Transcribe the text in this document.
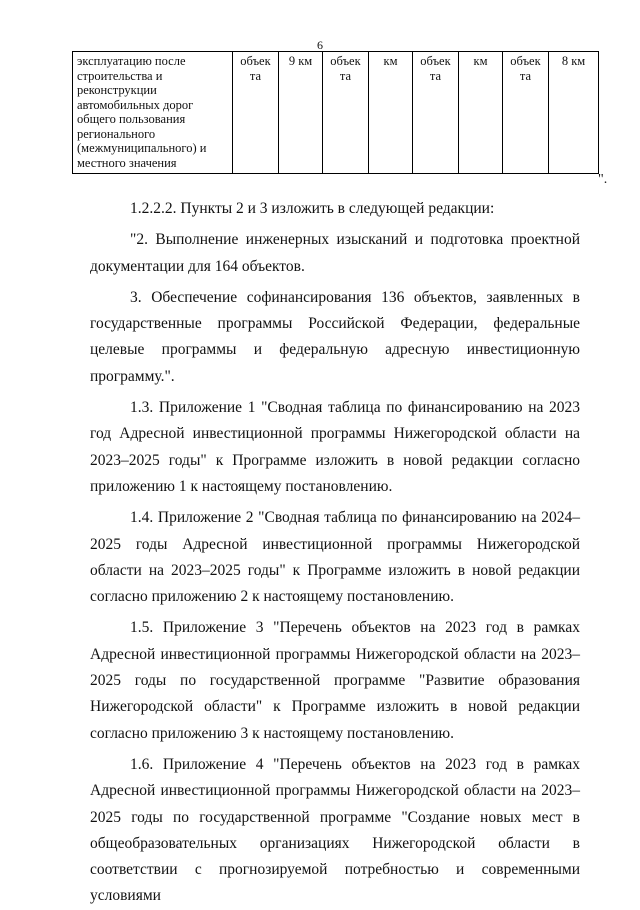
6
эксплуатацию после строительства и реконструкции автомобильных дорог общего пользования регионального (межмуниципального) и местного значения	объек та	9 км	объек та	км	объек та	км	объек та	8 км
".

1.2.2.2. Пункты 2 и 3 изложить в следующей редакции:

"2. Выполнение инженерных изысканий и подготовка проектной документации для 164 объектов.

3. Обеспечение софинансирования 136 объектов, заявленных в государственные программы Российской Федерации, федеральные целевые программы и федеральную адресную инвестиционную программу.".

1.3. Приложение 1 "Сводная таблица по финансированию на 2023 год Адресной инвестиционной программы Нижегородской области на 2023–2025 годы" к Программе изложить в новой редакции согласно приложению 1 к настоящему постановлению.

1.4. Приложение 2 "Сводная таблица по финансированию на 2024–2025 годы Адресной инвестиционной программы Нижегородской области на 2023–2025 годы" к Программе изложить в новой редакции согласно приложению 2 к настоящему постановлению.

1.5. Приложение 3 "Перечень объектов на 2023 год в рамках Адресной инвестиционной программы Нижегородской области на 2023–2025 годы по государственной программе "Развитие образования Нижегородской области" к Программе изложить в новой редакции согласно приложению 3 к настоящему постановлению.

1.6. Приложение 4 "Перечень объектов на 2023 год в рамках Адресной инвестиционной программы Нижегородской области на 2023–2025 годы по государственной программе "Создание новых мест в общеобразовательных организациях Нижегородской области в соответствии с прогнозируемой потребностью и современными условиями
